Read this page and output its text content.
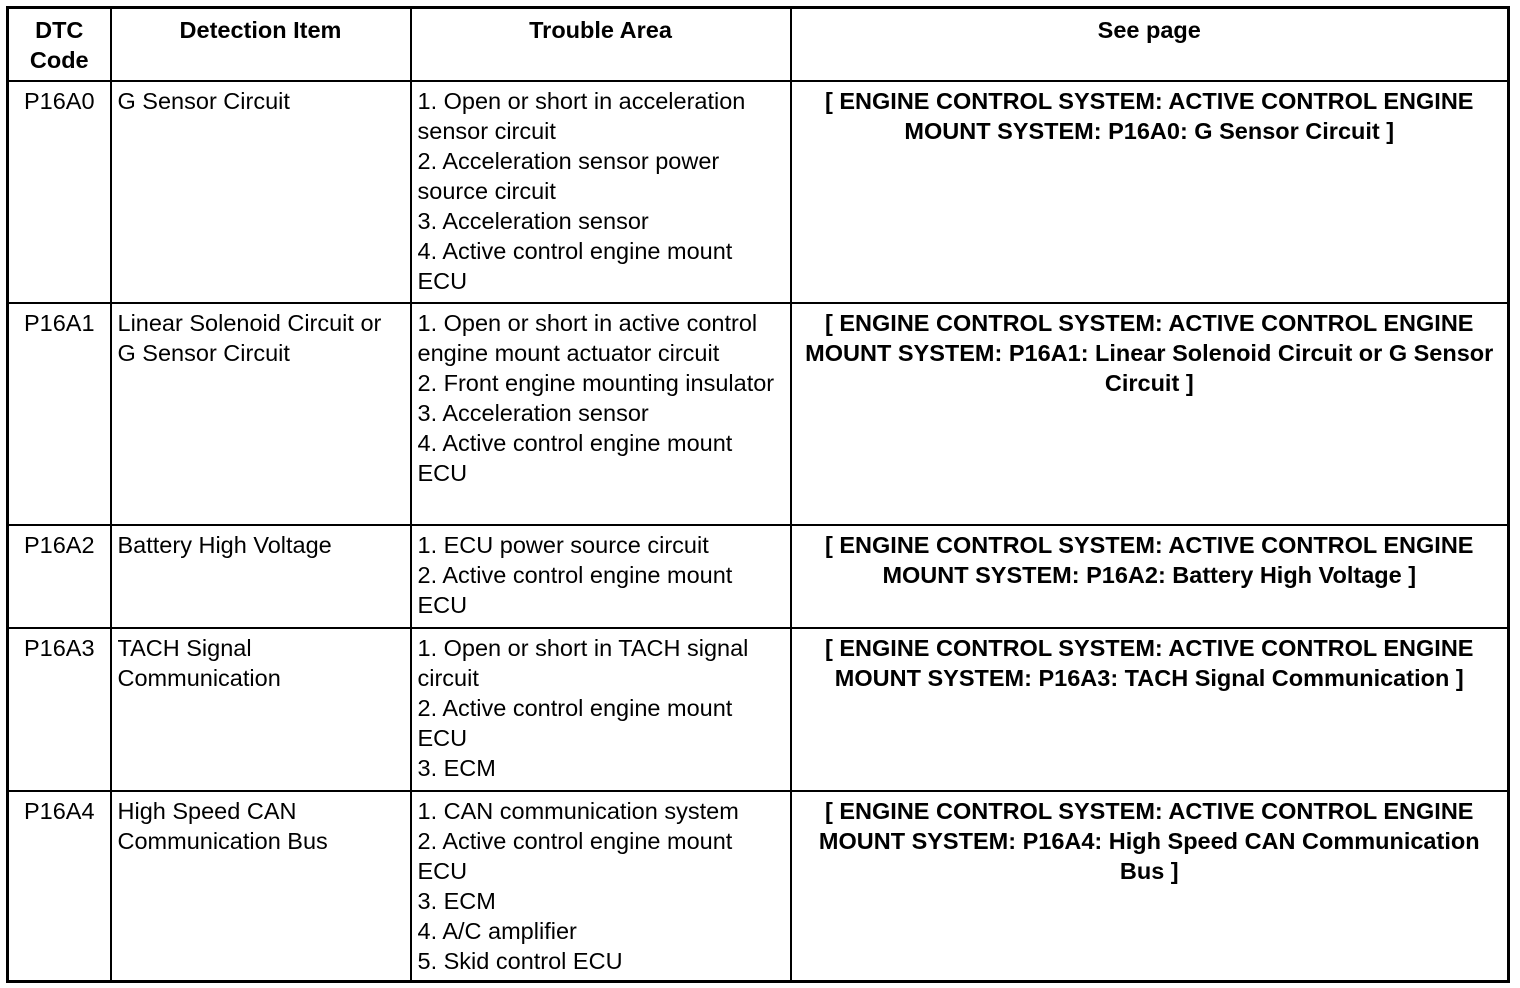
DTC Code	Detection Item	Trouble Area	See page
P16A0	G Sensor Circuit	1. Open or short in acceleration sensor circuit
2. Acceleration sensor power source circuit
3. Acceleration sensor
4. Active control engine mount ECU	[ ENGINE CONTROL SYSTEM: ACTIVE CONTROL ENGINE MOUNT SYSTEM: P16A0: G Sensor Circuit ]
P16A1	Linear Solenoid Circuit or G Sensor Circuit	1. Open or short in active control engine mount actuator circuit
2. Front engine mounting insulator
3. Acceleration sensor
4. Active control engine mount ECU	[ ENGINE CONTROL SYSTEM: ACTIVE CONTROL ENGINE MOUNT SYSTEM: P16A1: Linear Solenoid Circuit or G Sensor Circuit ]
P16A2	Battery High Voltage	1. ECU power source circuit
2. Active control engine mount ECU	[ ENGINE CONTROL SYSTEM: ACTIVE CONTROL ENGINE MOUNT SYSTEM: P16A2: Battery High Voltage ]
P16A3	TACH Signal Communication	1. Open or short in TACH signal circuit
2. Active control engine mount ECU
3. ECM	[ ENGINE CONTROL SYSTEM: ACTIVE CONTROL ENGINE MOUNT SYSTEM: P16A3: TACH Signal Communication ]
P16A4	High Speed CAN Communication Bus	1. CAN communication system
2. Active control engine mount ECU
3. ECM
4. A/C amplifier
5. Skid control ECU	[ ENGINE CONTROL SYSTEM: ACTIVE CONTROL ENGINE MOUNT SYSTEM: P16A4: High Speed CAN Communication Bus ]
